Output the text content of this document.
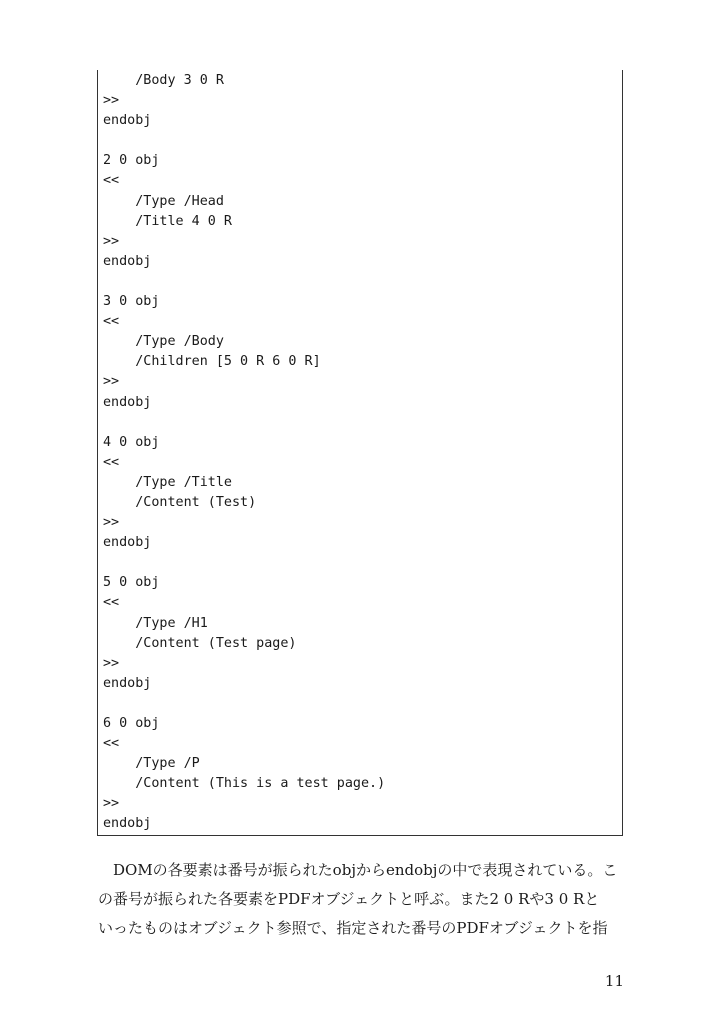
/Body 3 0 R
>>
endobj
2 0 obj
<<
/Type /Head
/Title 4 0 R
>>
endobj
3 0 obj
<<
/Type /Body
/Children [5 0 R 6 0 R]
>>
endobj
4 0 obj
<<
/Type /Title
/Content (Test)
>>
endobj
5 0 obj
<<
/Type /H1
/Content (Test page)
>>
endobj
6 0 obj
<<
/Type /P
/Content (This is a test page.)
>>
endobj
DOMの各要素は番号が振られたobjからendobjの中で表現されている。こ
の番号が振られた各要素をPDFオブジェクトと呼ぶ。また2 0 Rや3 0 Rと
いったものはオブジェクト参照で、指定された番号のPDFオブジェクトを指
11
